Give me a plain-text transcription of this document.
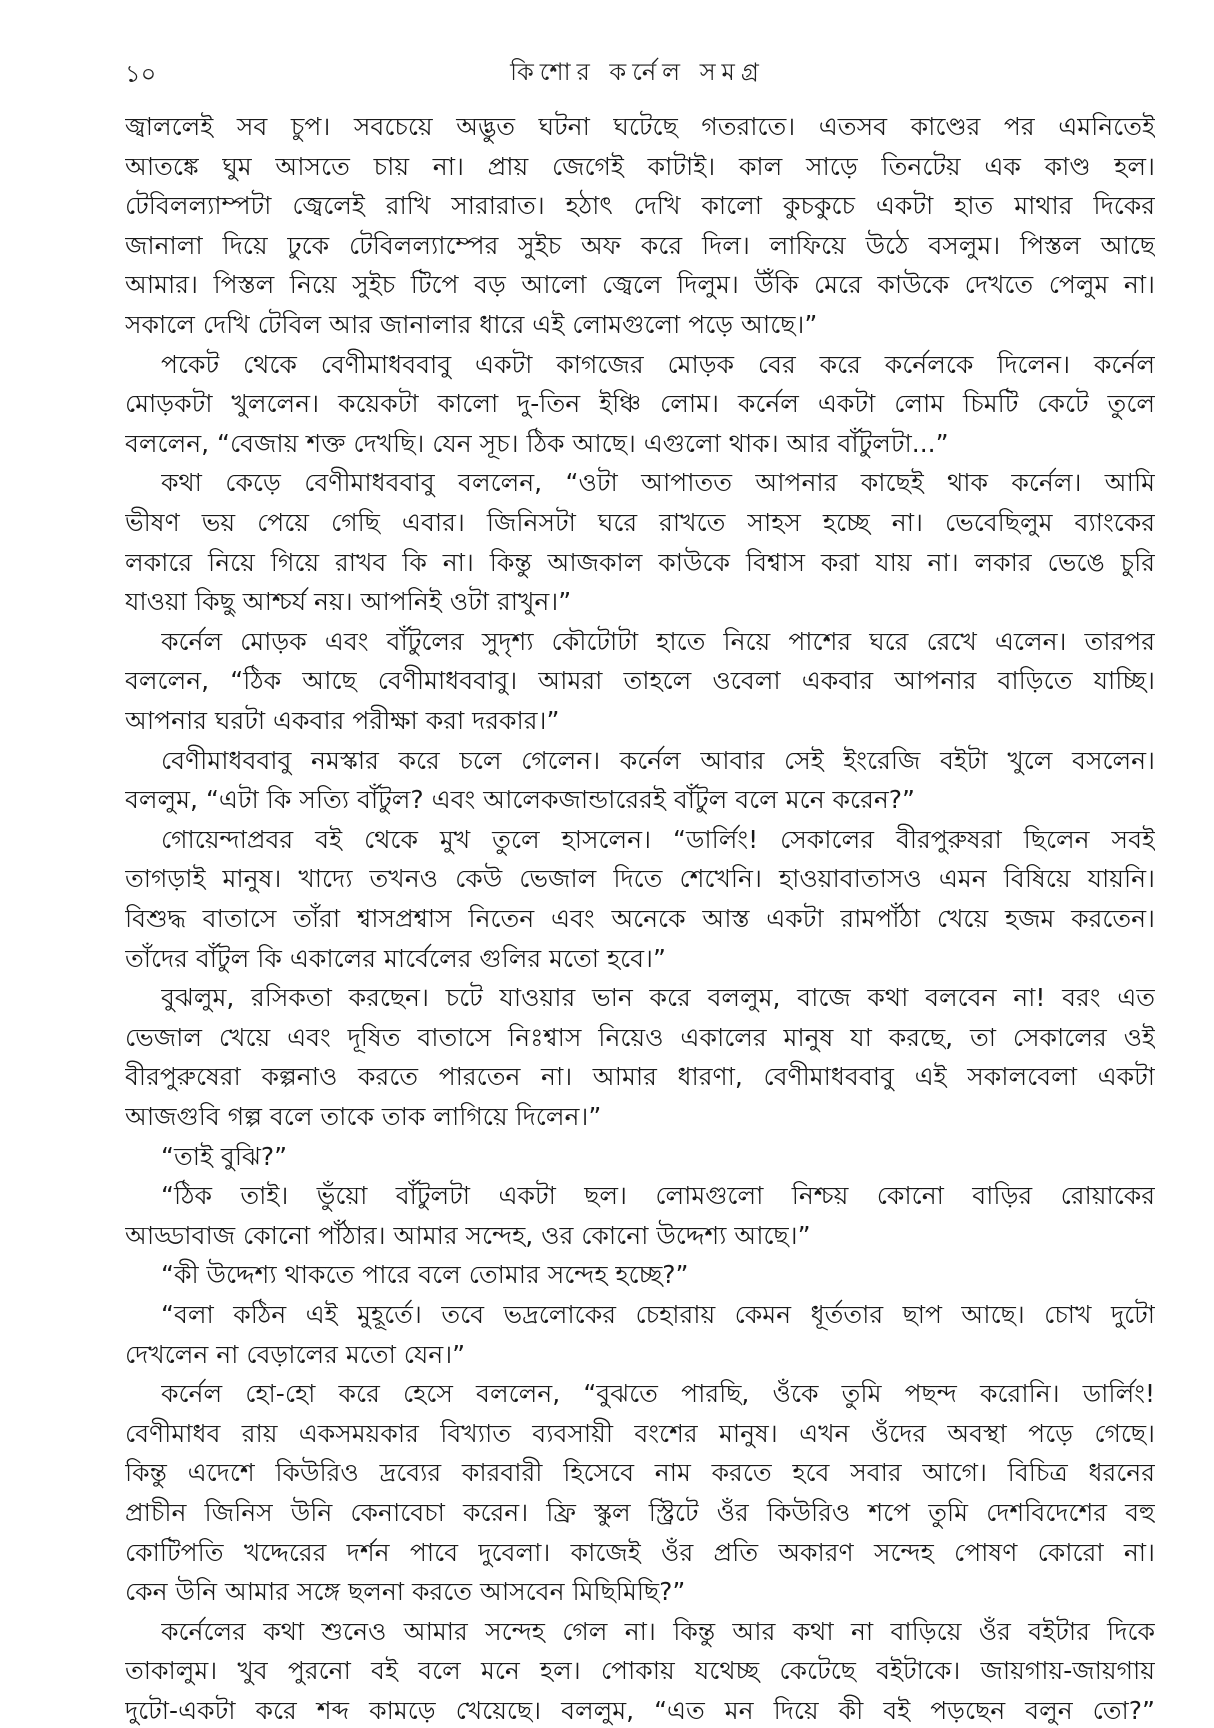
১০	কিশোর কর্নেল সমগ্র
জ্বাললেই সব চুপ। সবচেয়ে অদ্ভুত ঘটনা ঘটেছে গতরাতে। এতসব কাণ্ডের পর এমনিতেই
আতঙ্কে ঘুম আসতে চায় না। প্রায় জেগেই কাটাই। কাল সাড়ে তিনটেয় এক কাণ্ড হল।
টেবিলল্যাম্পটা জ্বেলেই রাখি সারারাত। হঠাৎ দেখি কালো কুচকুচে একটা হাত মাথার দিকের
জানালা দিয়ে ঢুকে টেবিলল্যাম্পের সুইচ অফ করে দিল। লাফিয়ে উঠে বসলুম। পিস্তল আছে
আমার। পিস্তল নিয়ে সুইচ টিপে বড় আলো জ্বেলে দিলুম। উঁকি মেরে কাউকে দেখতে পেলুম না।
সকালে দেখি টেবিল আর জানালার ধারে এই লোমগুলো পড়ে আছে।”
পকেট থেকে বেণীমাধববাবু একটা কাগজের মোড়ক বের করে কর্নেলকে দিলেন। কর্নেল
মোড়কটা খুললেন। কয়েকটা কালো দু-তিন ইঞ্চি লোম। কর্নেল একটা লোম চিমটি কেটে তুলে
বললেন, “বেজায় শক্ত দেখছি। যেন সূচ। ঠিক আছে। এগুলো থাক। আর বাঁটুলটা...”
কথা কেড়ে বেণীমাধববাবু বললেন, “ওটা আপাতত আপনার কাছেই থাক কর্নেল। আমি
ভীষণ ভয় পেয়ে গেছি এবার। জিনিসটা ঘরে রাখতে সাহস হচ্ছে না। ভেবেছিলুম ব্যাংকের
লকারে নিয়ে গিয়ে রাখব কি না। কিন্তু আজকাল কাউকে বিশ্বাস করা যায় না। লকার ভেঙে চুরি
যাওয়া কিছু আশ্চর্য নয়। আপনিই ওটা রাখুন।”
কর্নেল মোড়ক এবং বাঁটুলের সুদৃশ্য কৌটোটা হাতে নিয়ে পাশের ঘরে রেখে এলেন। তারপর
বললেন, “ঠিক আছে বেণীমাধববাবু। আমরা তাহলে ওবেলা একবার আপনার বাড়িতে যাচ্ছি।
আপনার ঘরটা একবার পরীক্ষা করা দরকার।”
বেণীমাধববাবু নমস্কার করে চলে গেলেন। কর্নেল আবার সেই ইংরেজি বইটা খুলে বসলেন।
বললুম, “এটা কি সত্যি বাঁটুল? এবং আলেকজান্ডারেরই বাঁটুল বলে মনে করেন?”
গোয়েন্দাপ্রবর বই থেকে মুখ তুলে হাসলেন। “ডার্লিং! সেকালের বীরপুরুষরা ছিলেন সবই
তাগড়াই মানুষ। খাদ্যে তখনও কেউ ভেজাল দিতে শেখেনি। হাওয়াবাতাসও এমন বিষিয়ে যায়নি।
বিশুদ্ধ বাতাসে তাঁরা শ্বাসপ্রশ্বাস নিতেন এবং অনেকে আস্ত একটা রামপাঁঠা খেয়ে হজম করতেন।
তাঁদের বাঁটুল কি একালের মার্বেলের গুলির মতো হবে।”
বুঝলুম, রসিকতা করছেন। চটে যাওয়ার ভান করে বললুম, বাজে কথা বলবেন না! বরং এত
ভেজাল খেয়ে এবং দূষিত বাতাসে নিঃশ্বাস নিয়েও একালের মানুষ যা করছে, তা সেকালের ওই
বীরপুরুষেরা কল্পনাও করতে পারতেন না। আমার ধারণা, বেণীমাধববাবু এই সকালবেলা একটা
আজগুবি গল্প বলে তাকে তাক লাগিয়ে দিলেন।”
“তাই বুঝি?”
“ঠিক তাই। ভুঁয়ো বাঁটুলটা একটা ছল। লোমগুলো নিশ্চয় কোনো বাড়ির রোয়াকের
আড্ডাবাজ কোনো পাঁঠার। আমার সন্দেহ, ওর কোনো উদ্দেশ্য আছে।”
“কী উদ্দেশ্য থাকতে পারে বলে তোমার সন্দেহ হচ্ছে?”
“বলা কঠিন এই মুহূর্তে। তবে ভদ্রলোকের চেহারায় কেমন ধূর্ততার ছাপ আছে। চোখ দুটো
দেখলেন না বেড়ালের মতো যেন।”
কর্নেল হো-হো করে হেসে বললেন, “বুঝতে পারছি, ওঁকে তুমি পছন্দ করোনি। ডার্লিং!
বেণীমাধব রায় একসময়কার বিখ্যাত ব্যবসায়ী বংশের মানুষ। এখন ওঁদের অবস্থা পড়ে গেছে।
কিন্তু এদেশে কিউরিও দ্রব্যের কারবারী হিসেবে নাম করতে হবে সবার আগে। বিচিত্র ধরনের
প্রাচীন জিনিস উনি কেনাবেচা করেন। ফ্রি স্কুল স্ট্রিটে ওঁর কিউরিও শপে তুমি দেশবিদেশের বহু
কোটিপতি খদ্দেরের দর্শন পাবে দুবেলা। কাজেই ওঁর প্রতি অকারণ সন্দেহ পোষণ কোরো না।
কেন উনি আমার সঙ্গে ছলনা করতে আসবেন মিছিমিছি?”
কর্নেলের কথা শুনেও আমার সন্দেহ গেল না। কিন্তু আর কথা না বাড়িয়ে ওঁর বইটার দিকে
তাকালুম। খুব পুরনো বই বলে মনে হল। পোকায় যথেচ্ছ কেটেছে বইটাকে। জায়গায়-জায়গায়
দুটো-একটা করে শব্দ কামড়ে খেয়েছে। বললুম, “এত মন দিয়ে কী বই পড়ছেন বলুন তো?”
